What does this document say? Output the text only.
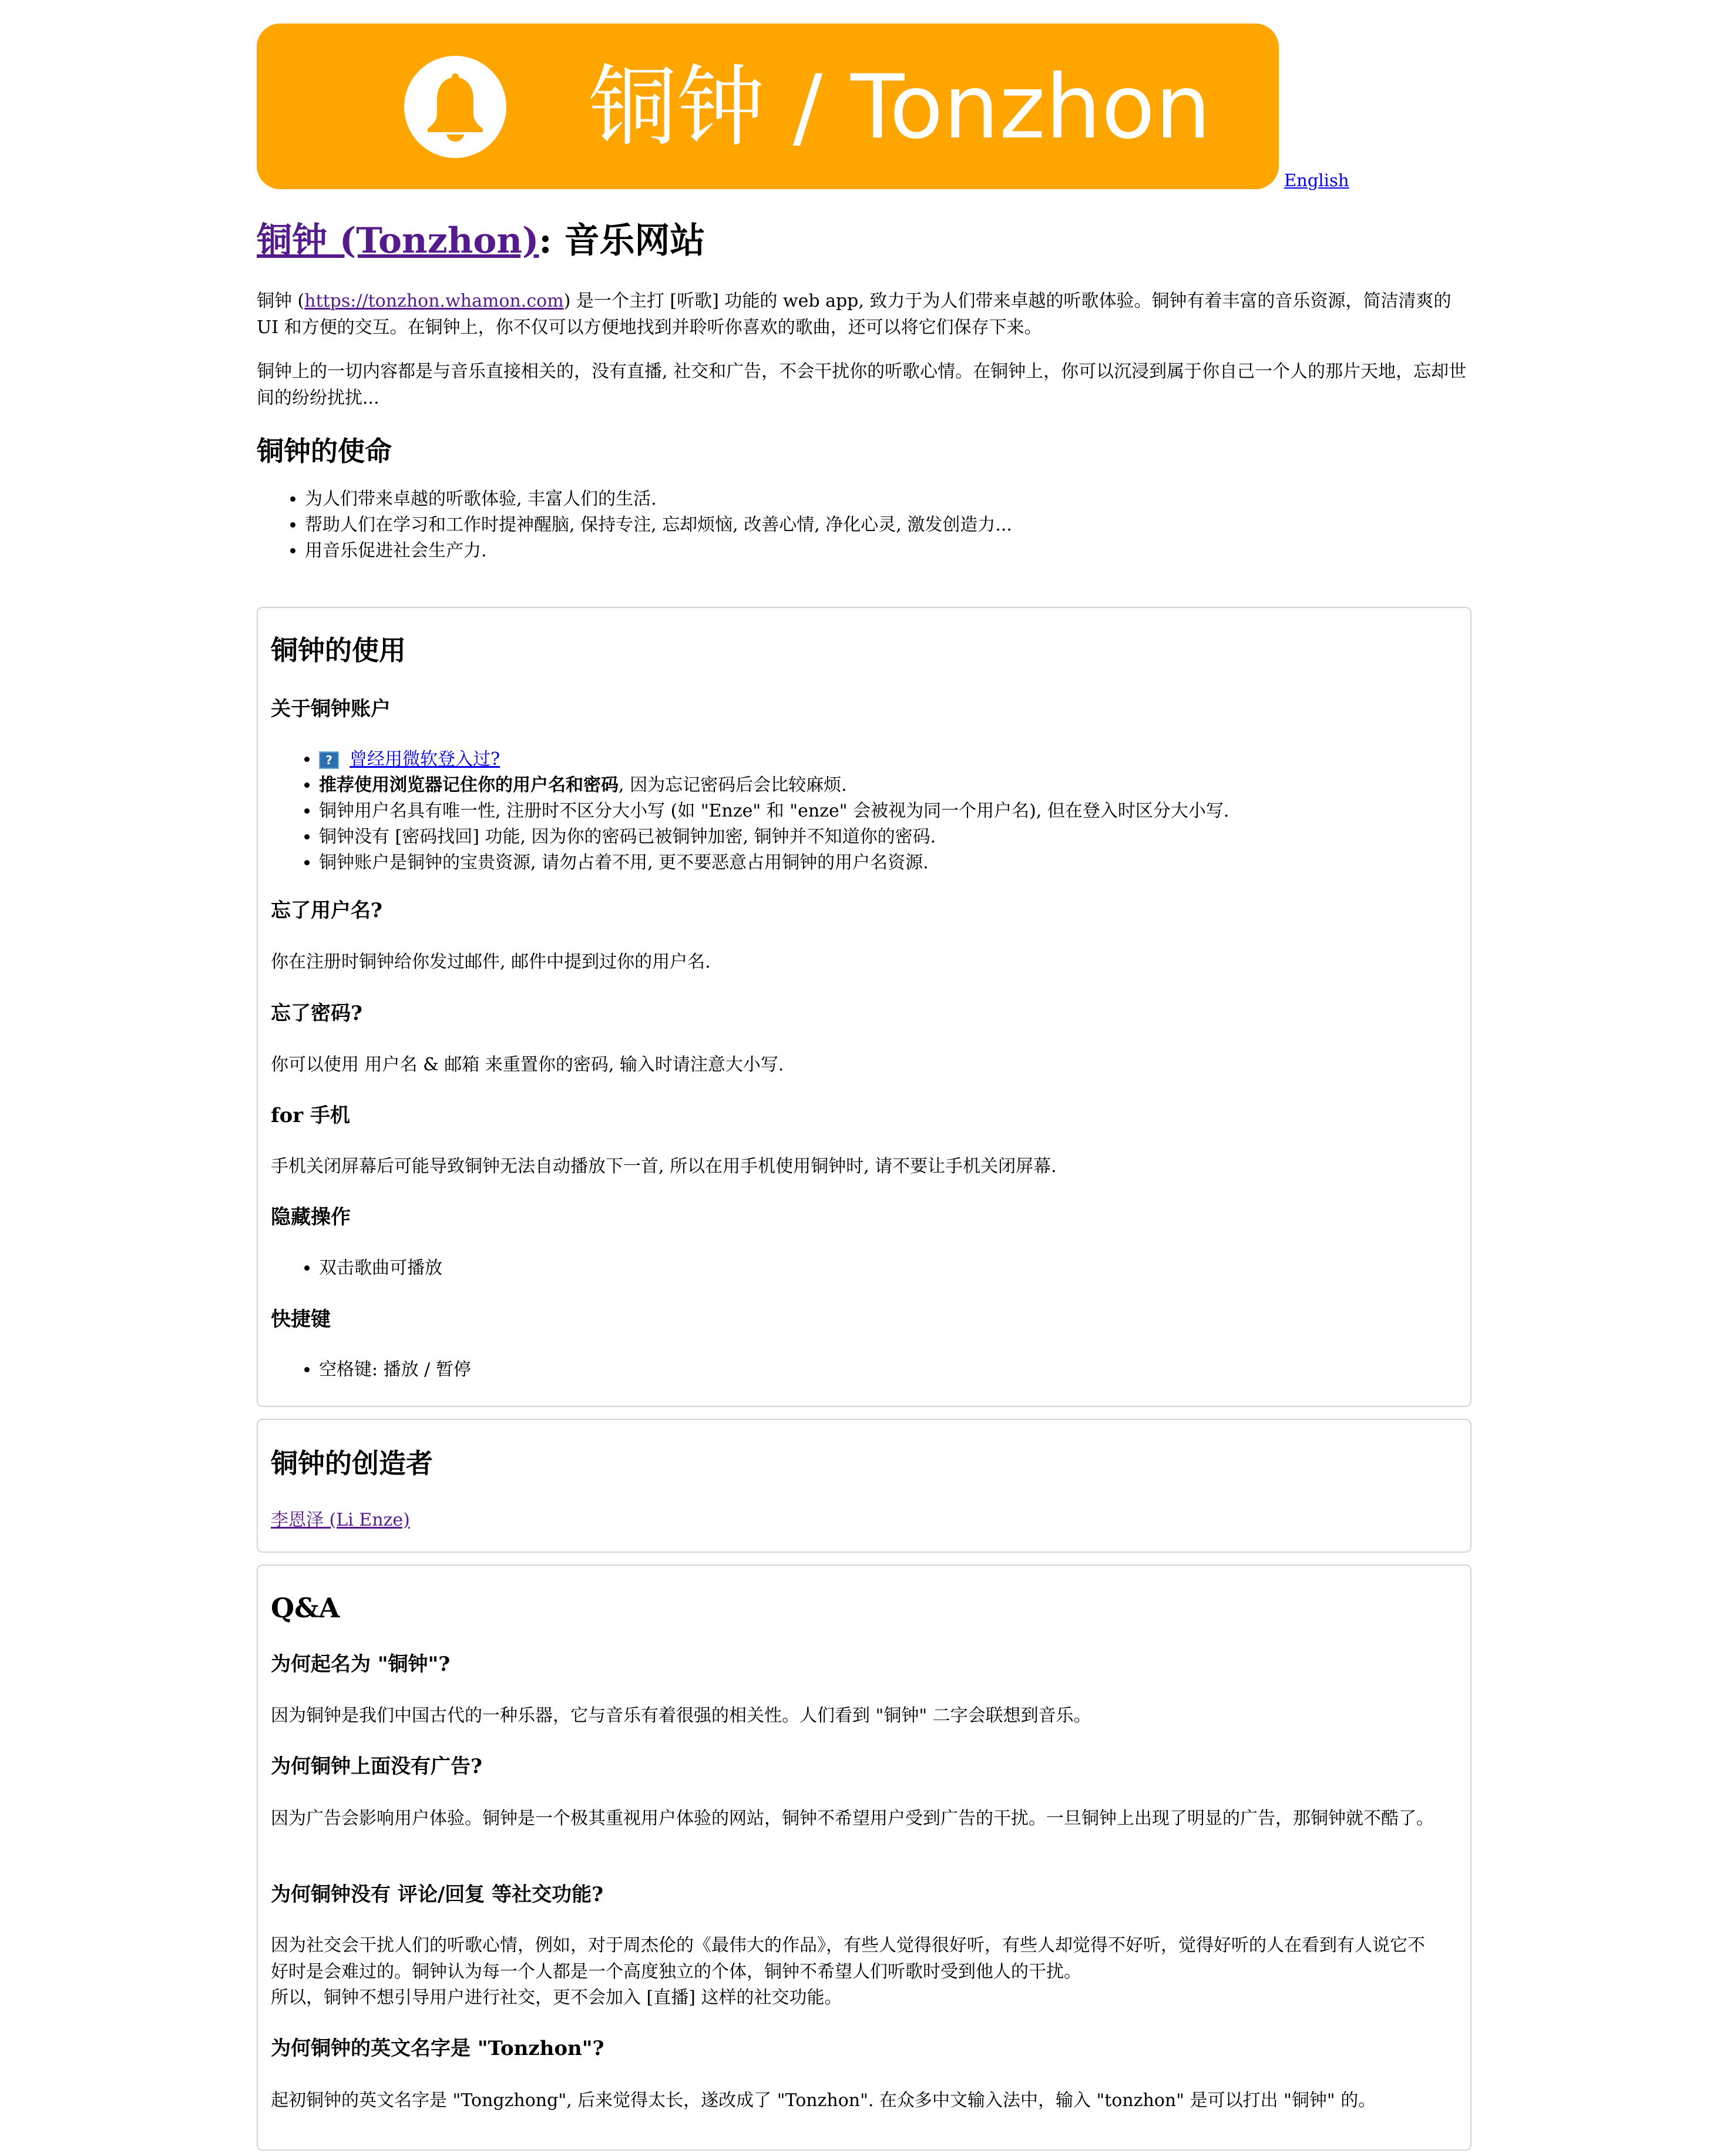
铜钟 / Tonzhon
English
铜钟 (Tonzhon): 音乐网站

铜钟 (https://tonzhon.whamon.com) 是一个主打 [听歌] 功能的 web app, 致力于为人们带来卓越的听歌体验。铜钟有着丰富的音乐资源，简洁清爽的 UI 和方便的交互。在铜钟上，你不仅可以方便地找到并聆听你喜欢的歌曲，还可以将它们保存下来。

铜钟上的一切内容都是与音乐直接相关的，没有直播, 社交和广告，不会干扰你的听歌心情。在铜钟上，你可以沉浸到属于你自己一个人的那片天地，忘却世间的纷纷扰扰...

铜钟的使命
• 为人们带来卓越的听歌体验, 丰富人们的生活.
• 帮助人们在学习和工作时提神醒脑, 保持专注, 忘却烦恼, 改善心情, 净化心灵, 激发创造力...
• 用音乐促进社会生产力.
铜钟的使用
关于铜钟账户
• ? 曾经用微软登入过?
• 推荐使用浏览器记住你的用户名和密码, 因为忘记密码后会比较麻烦.
• 铜钟用户名具有唯一性, 注册时不区分大小写 (如 "Enze" 和 "enze" 会被视为同一个用户名), 但在登入时区分大小写.
• 铜钟没有 [密码找回] 功能, 因为你的密码已被铜钟加密, 铜钟并不知道你的密码.
• 铜钟账户是铜钟的宝贵资源, 请勿占着不用, 更不要恶意占用铜钟的用户名资源.
忘了用户名?

你在注册时铜钟给你发过邮件, 邮件中提到过你的用户名.

忘了密码?

你可以使用 用户名 & 邮箱 来重置你的密码, 输入时请注意大小写.

for 手机

手机关闭屏幕后可能导致铜钟无法自动播放下一首, 所以在用手机使用铜钟时, 请不要让手机关闭屏幕.

隐藏操作
• 双击歌曲可播放
快捷键
• 空格键: 播放 / 暂停
铜钟的创造者
李恩泽 (Li Enze)
Q&A
为何起名为 "铜钟"?

因为铜钟是我们中国古代的一种乐器，它与音乐有着很强的相关性。人们看到 "铜钟" 二字会联想到音乐。

为何铜钟上面没有广告?

因为广告会影响用户体验。铜钟是一个极其重视用户体验的网站，铜钟不希望用户受到广告的干扰。一旦铜钟上出现了明显的广告，那铜钟就不酷了。

为何铜钟没有 评论/回复 等社交功能?

因为社交会干扰人们的听歌心情，例如，对于周杰伦的《最伟大的作品》，有些人觉得很好听，有些人却觉得不好听，觉得好听的人在看到有人说它不好时是会难过的。铜钟认为每一个人都是一个高度独立的个体，铜钟不希望人们听歌时受到他人的干扰。

所以，铜钟不想引导用户进行社交，更不会加入 [直播] 这样的社交功能。

为何铜钟的英文名字是 "Tonzhon"?

起初铜钟的英文名字是 "Tongzhong", 后来觉得太长，遂改成了 "Tonzhon". 在众多中文输入法中，输入 "tonzhon" 是可以打出 "铜钟" 的。
